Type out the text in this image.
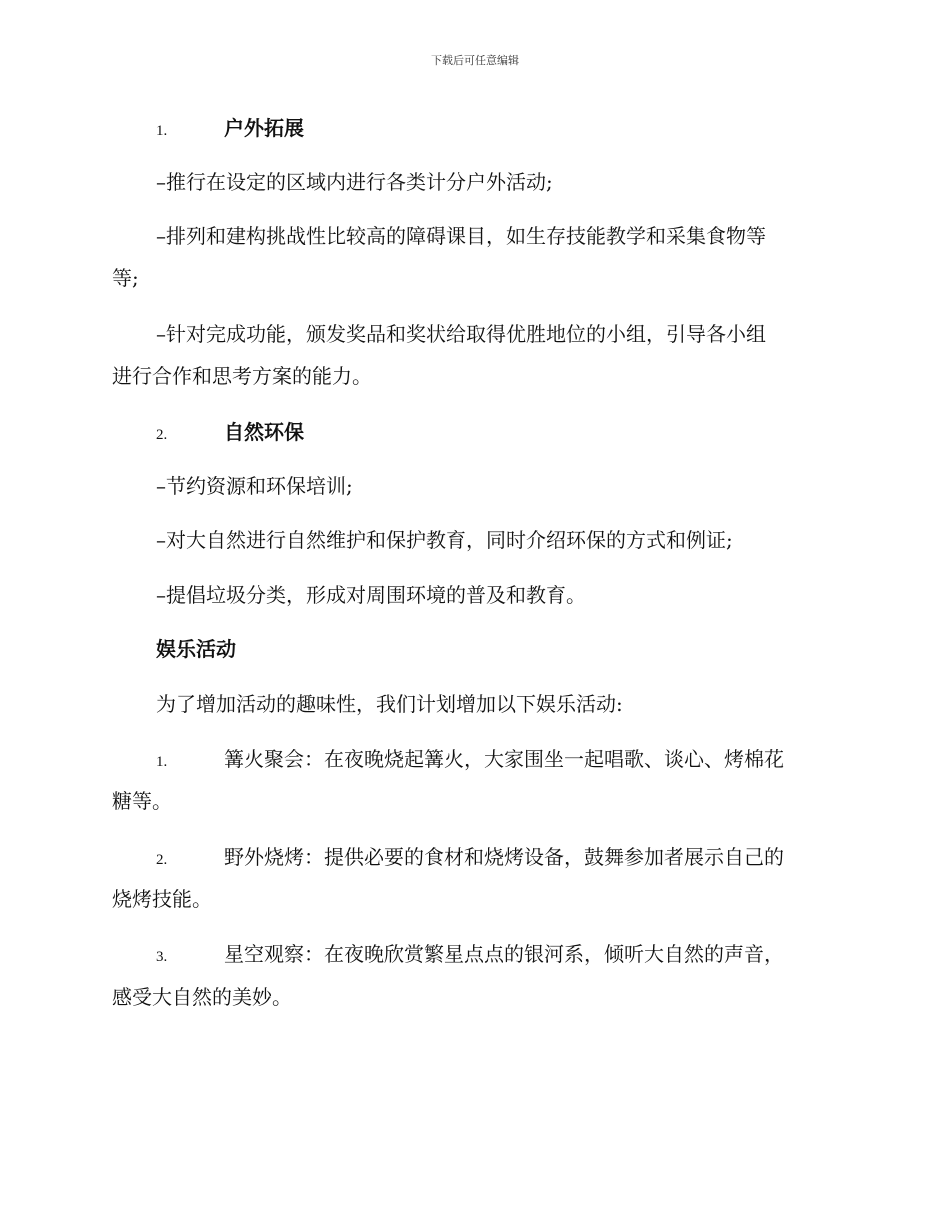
下载后可任意编辑
1.	户外拓展
–推行在设定的区域内进行各类计分户外活动;
–排列和建构挑战性比较高的障碍课目，如生存技能教学和采集食物等
等;
–针对完成功能，颁发奖品和奖状给取得优胜地位的小组，引导各小组
进行合作和思考方案的能力。
2.	自然环保
–节约资源和环保培训;
–对大自然进行自然维护和保护教育，同时介绍环保的方式和例证;
–提倡垃圾分类，形成对周围环境的普及和教育。
娱乐活动
为了增加活动的趣味性，我们计划增加以下娱乐活动:
1.	篝火聚会：在夜晚烧起篝火，大家围坐一起唱歌、谈心、烤棉花
糖等。
2.	野外烧烤：提供必要的食材和烧烤设备，鼓舞参加者展示自己的
烧烤技能。
3.	星空观察：在夜晚欣赏繁星点点的银河系，倾听大自然的声音，
感受大自然的美妙。
